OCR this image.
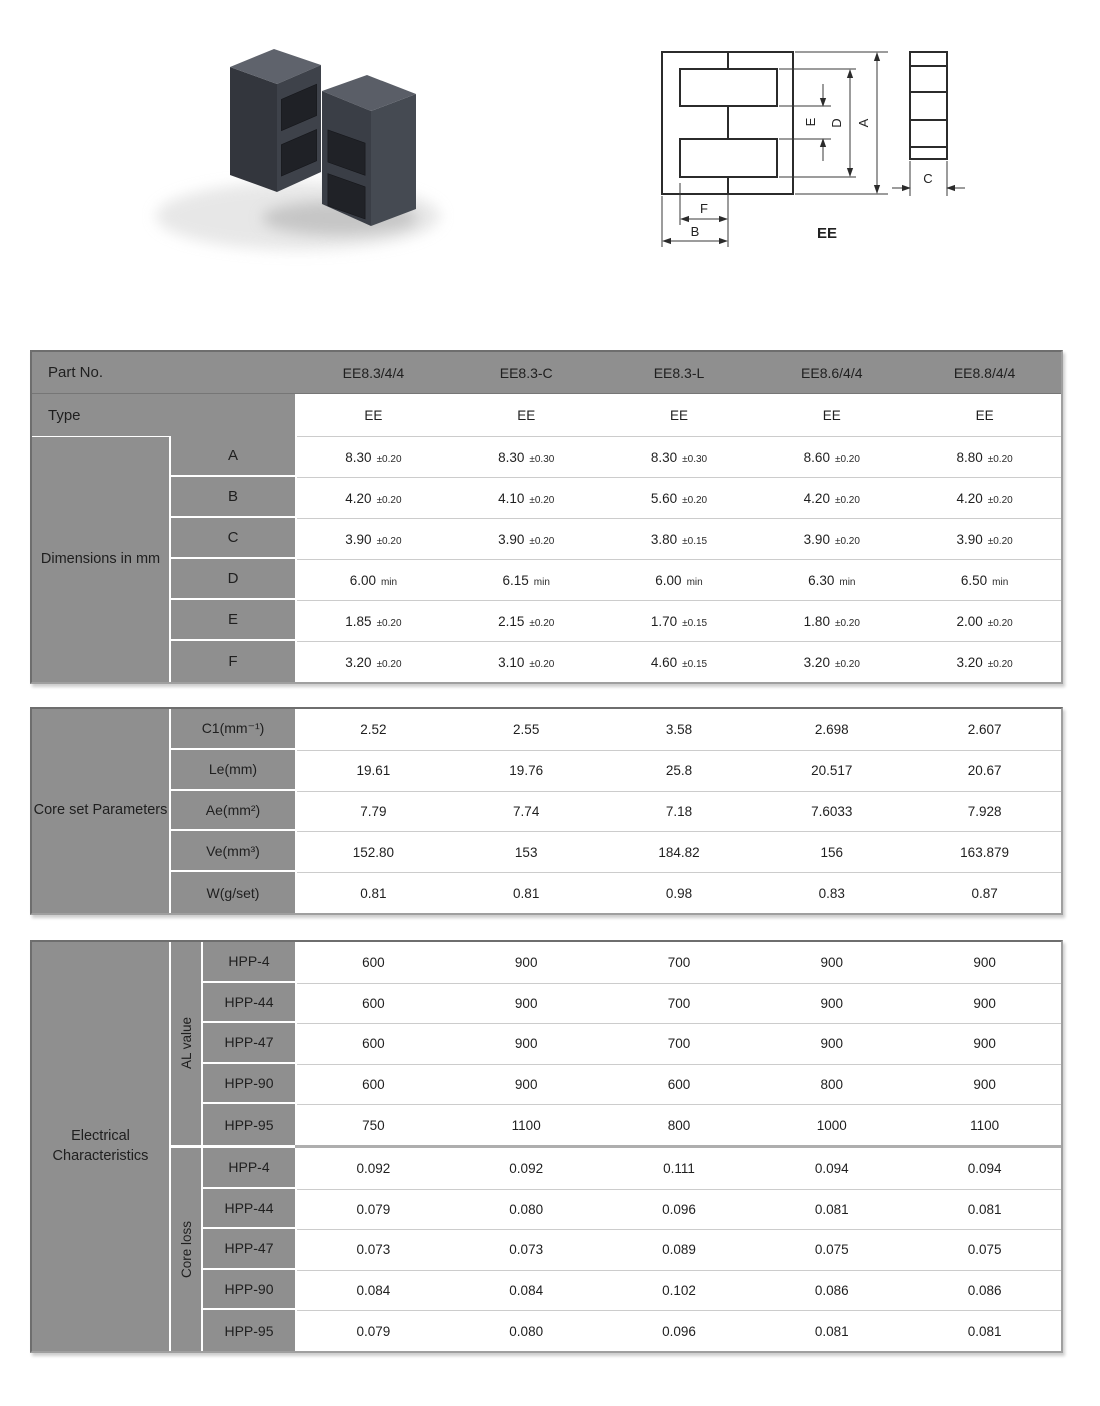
A
D
E
F
B
C
EE
Part No.	EE8.3/4/4	EE8.3-C	EE8.3-L	EE8.6/4/4	EE8.8/4/4
Type	EE	EE	EE	EE	EE
Dimensions in mm
A	8.30 ±0.20	8.30 ±0.30	8.30 ±0.30	8.60 ±0.20	8.80 ±0.20
B	4.20 ±0.20	4.10 ±0.20	5.60 ±0.20	4.20 ±0.20	4.20 ±0.20
C	3.90 ±0.20	3.90 ±0.20	3.80 ±0.15	3.90 ±0.20	3.90 ±0.20
D	6.00 min	6.15 min	6.00 min	6.30 min	6.50 min
E	1.85 ±0.20	2.15 ±0.20	1.70 ±0.15	1.80 ±0.20	2.00 ±0.20
F	3.20 ±0.20	3.10 ±0.20	4.60 ±0.15	3.20 ±0.20	3.20 ±0.20
Core set Parameters
C1(mm⁻¹)	2.52	2.55	3.58	2.698	2.607
Le(mm)	19.61	19.76	25.8	20.517	20.67
Ae(mm²)	7.79	7.74	7.18	7.6033	7.928
Ve(mm³)	152.80	153	184.82	156	163.879
W(g/set)	0.81	0.81	0.98	0.83	0.87
Electrical Characteristics
AL value
HPP-4	600	900	700	900	900
HPP-44	600	900	700	900	900
HPP-47	600	900	700	900	900
HPP-90	600	900	600	800	900
HPP-95	750	1100	800	1000	1100
Core loss
HPP-4	0.092	0.092	0.111	0.094	0.094
HPP-44	0.079	0.080	0.096	0.081	0.081
HPP-47	0.073	0.073	0.089	0.075	0.075
HPP-90	0.084	0.084	0.102	0.086	0.086
HPP-95	0.079	0.080	0.096	0.081	0.081
